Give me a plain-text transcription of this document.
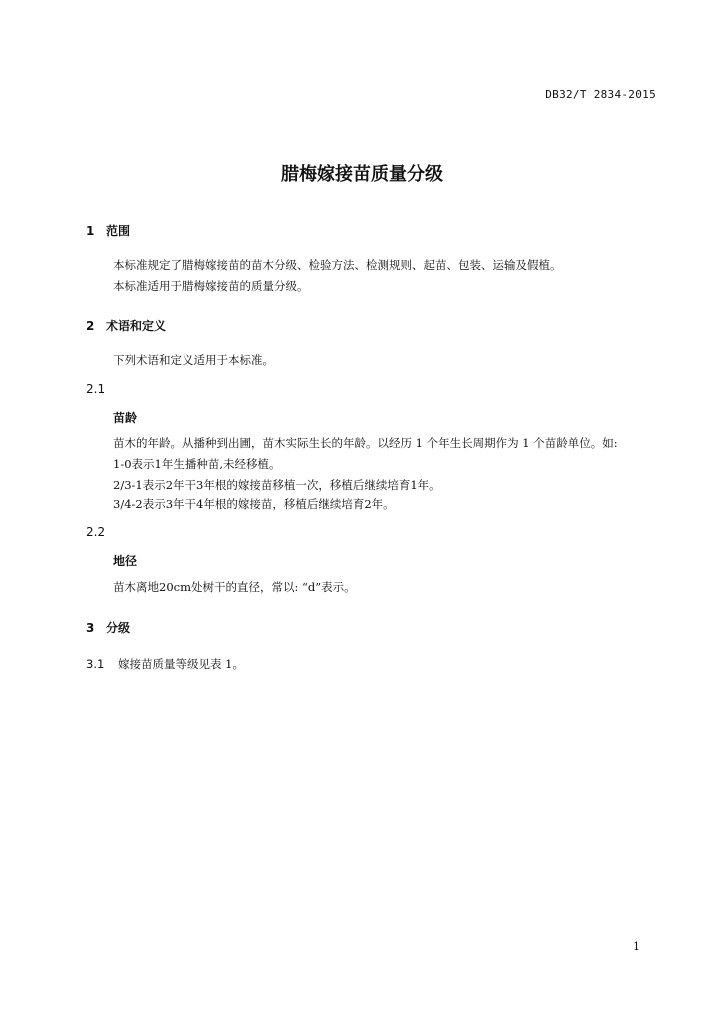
DB32/T 2834-2015
腊梅嫁接苗质量分级
1 范围
本标准规定了腊梅嫁接苗的苗木分级、检验方法、检测规则、起苗、包装、运输及假植。
本标准适用于腊梅嫁接苗的质量分级。
2 术语和定义
下列术语和定义适用于本标准。
2.1
苗龄
苗木的年龄。从播种到出圃，苗木实际生长的年龄。以经历 1 个年生长周期作为 1 个苗龄单位。如:
1-0表示1年生播种苗,未经移植。
2/3-1表示2年干3年根的嫁接苗移植一次，移植后继续培育1年。
3/4-2表示3年干4年根的嫁接苗，移植后继续培育2年。
2.2
地径
苗木离地20cm处树干的直径，常以: “d”表示。
3 分级
3.1 嫁接苗质量等级见表 1。
1
